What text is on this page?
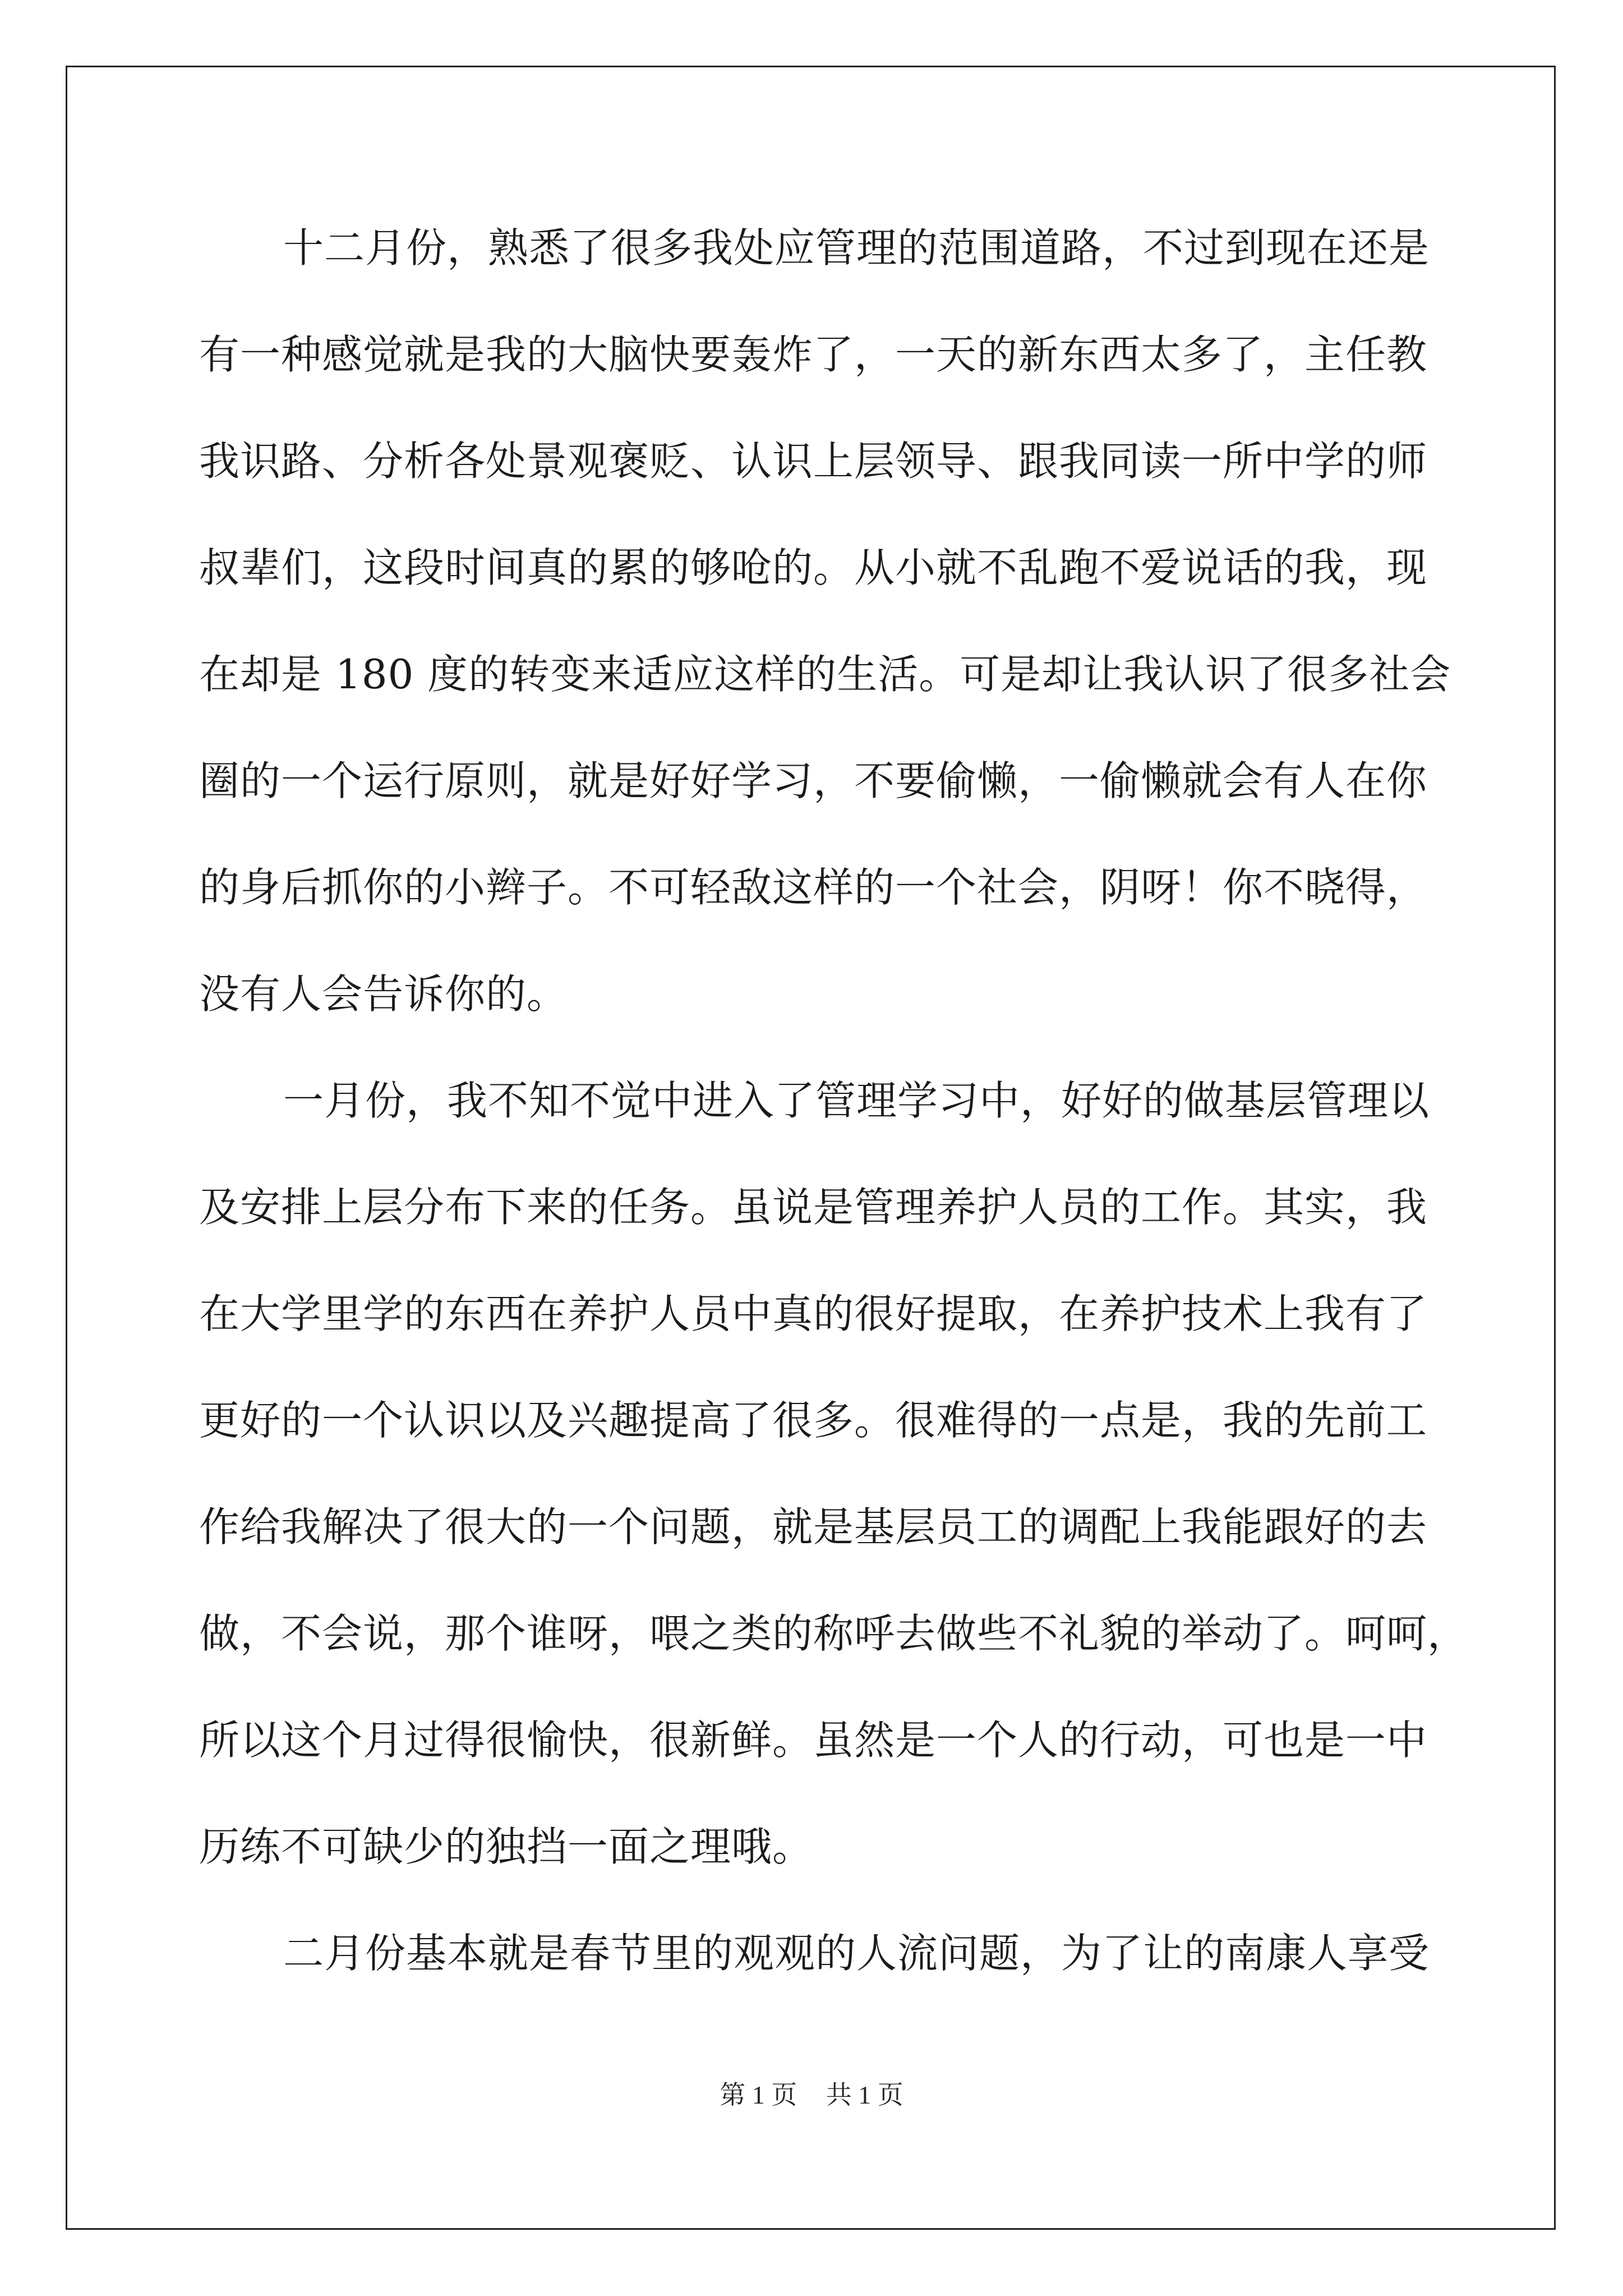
十二月份，熟悉了很多我处应管理的范围道路，不过到现在还是
有一种感觉就是我的大脑快要轰炸了，一天的新东西太多了，主任教
我识路、分析各处景观褒贬、认识上层领导、跟我同读一所中学的师
叔辈们，这段时间真的累的够呛的。从小就不乱跑不爱说话的我，现
在却是 180 度的转变来适应这样的生活。可是却让我认识了很多社会
圈的一个运行原则，就是好好学习，不要偷懒，一偷懒就会有人在你
的身后抓你的小辫子。不可轻敌这样的一个社会，阴呀！你不晓得，
没有人会告诉你的。
一月份，我不知不觉中进入了管理学习中，好好的做基层管理以
及安排上层分布下来的任务。虽说是管理养护人员的工作。其实，我
在大学里学的东西在养护人员中真的很好提取，在养护技术上我有了
更好的一个认识以及兴趣提高了很多。很难得的一点是，我的先前工
作给我解决了很大的一个问题，就是基层员工的调配上我能跟好的去
做，不会说，那个谁呀，喂之类的称呼去做些不礼貌的举动了。呵呵，
所以这个月过得很愉快，很新鲜。虽然是一个人的行动，可也是一中
历练不可缺少的独挡一面之理哦。
二月份基本就是春节里的观观的人流问题，为了让的南康人享受
第 1 页 共 1 页
